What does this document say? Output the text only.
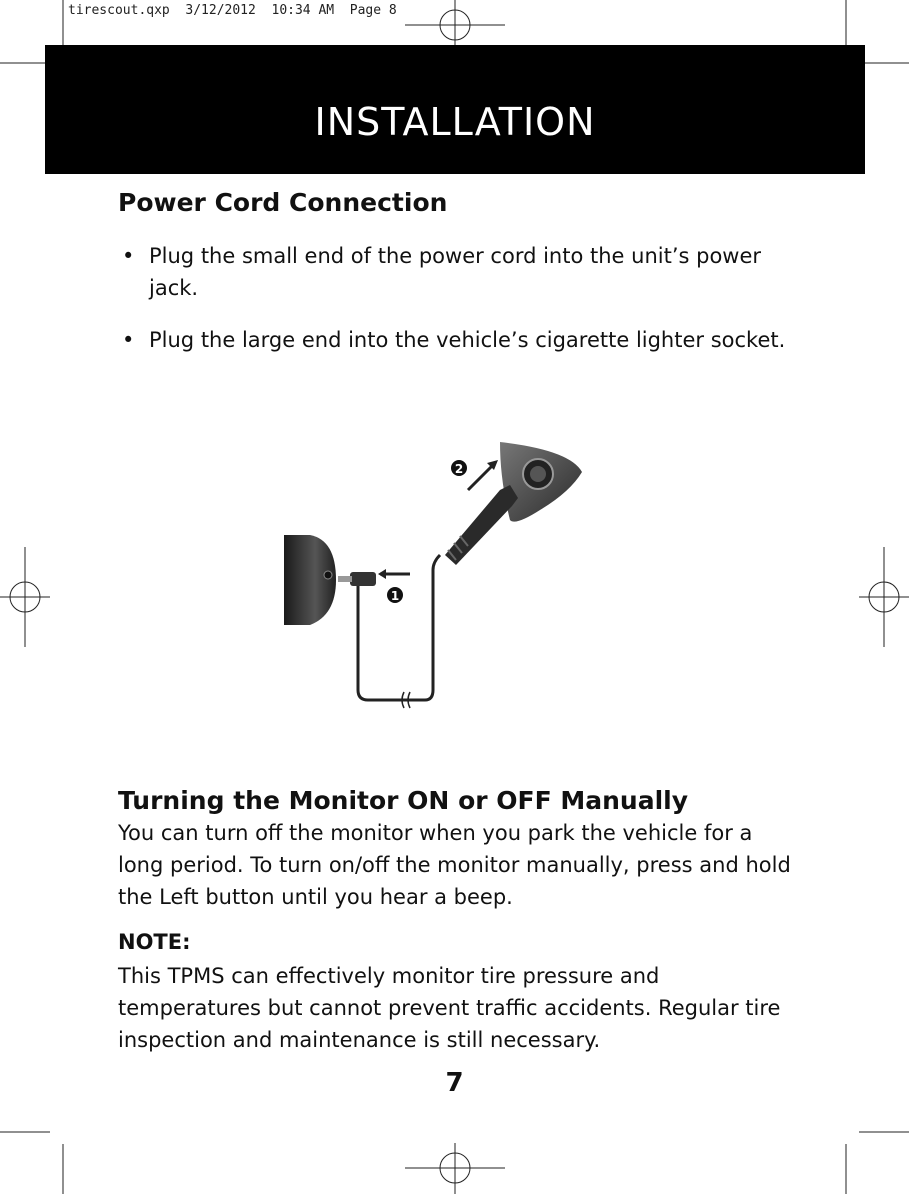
tirescout.qxp  3/12/2012  10:34 AM  Page 8
INSTALLATION
Power Cord Connection
• Plug the small end of the power cord into the unit’s power jack.
• Plug the large end into the vehicle’s cigarette lighter socket.
1
2
Turning the Monitor ON or OFF Manually

You can turn off the monitor when you park the vehicle for a long period. To turn on/off the monitor manually, press and hold the Left button until you hear a beep.

NOTE:

This TPMS can effectively monitor tire pressure and temperatures but cannot prevent traffic accidents. Regular tire inspection and maintenance is still necessary.

7
